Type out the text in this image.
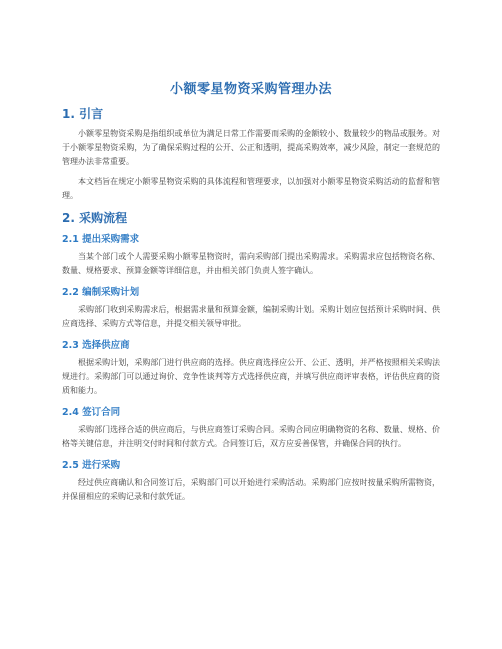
小额零星物资采购管理办法
1. 引言

小额零星物资采购是指组织或单位为满足日常工作需要而采购的金额较小、数量较少的物品或服务。对于小额零星物资采购，为了确保采购过程的公开、公正和透明，提高采购效率，减少风险，制定一套规范的管理办法非常重要。

本文档旨在规定小额零星物资采购的具体流程和管理要求，以加强对小额零星物资采购活动的监督和管理。

2. 采购流程
2.1 提出采购需求

当某个部门或个人需要采购小额零星物资时，需向采购部门提出采购需求。采购需求应包括物资名称、数量、规格要求、预算金额等详细信息，并由相关部门负责人签字确认。

2.2 编制采购计划

采购部门收到采购需求后，根据需求量和预算金额，编制采购计划。采购计划应包括预计采购时间、供应商选择、采购方式等信息，并提交相关领导审批。

2.3 选择供应商

根据采购计划，采购部门进行供应商的选择。供应商选择应公开、公正、透明，并严格按照相关采购法规进行。采购部门可以通过询价、竞争性谈判等方式选择供应商，并填写供应商评审表格，评估供应商的资质和能力。

2.4 签订合同

采购部门选择合适的供应商后，与供应商签订采购合同。采购合同应明确物资的名称、数量、规格、价格等关键信息，并注明交付时间和付款方式。合同签订后，双方应妥善保管，并确保合同的执行。

2.5 进行采购

经过供应商确认和合同签订后，采购部门可以开始进行采购活动。采购部门应按时按量采购所需物资，并保留相应的采购记录和付款凭证。
